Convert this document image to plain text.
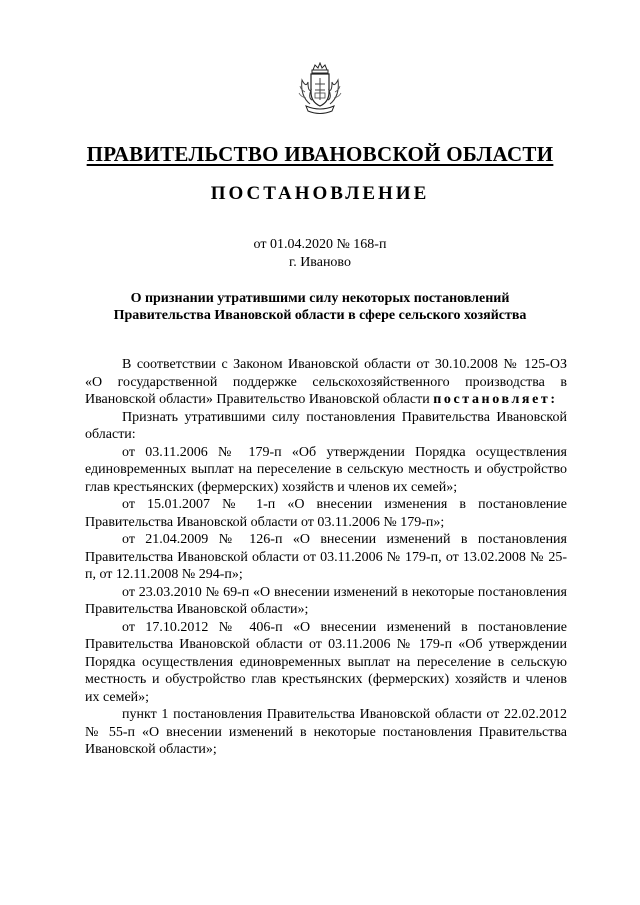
ПРАВИТЕЛЬСТВО ИВАНОВСКОЙ ОБЛАСТИ
ПОСТАНОВЛЕНИЕ
от 01.04.2020 № 168-п
г. Иваново
О признании утратившими силу некоторых постановлений
Правительства Ивановской области в сфере сельского хозяйства

В соответствии с Законом Ивановской области от 30.10.2008 № 125-ОЗ «О государственной поддержке сельскохозяйственного производства в Ивановской области» Правительство Ивановской области постановляет:

Признать утратившими силу постановления Правительства Ивановской области:

от 03.11.2006 № 179-п «Об утверждении Порядка осуществления единовременных выплат на переселение в сельскую местность и обустройство глав крестьянских (фермерских) хозяйств и членов их семей»;

от 15.01.2007 № 1-п «О внесении изменения в постановление Правительства Ивановской области от 03.11.2006 № 179-п»;

от 21.04.2009 № 126-п «О внесении изменений в постановления Правительства Ивановской области от 03.11.2006 № 179-п, от 13.02.2008 № 25-п, от 12.11.2008 № 294-п»;

от 23.03.2010 № 69-п «О внесении изменений в некоторые постановления Правительства Ивановской области»;

от 17.10.2012 № 406-п «О внесении изменений в постановление Правительства Ивановской области от 03.11.2006 № 179-п «Об утверждении Порядка осуществления единовременных выплат на переселение в сельскую местность и обустройство глав крестьянских (фермерских) хозяйств и членов их семей»;

пункт 1 постановления Правительства Ивановской области от 22.02.2012 № 55-п «О внесении изменений в некоторые постановления Правительства Ивановской области»;
